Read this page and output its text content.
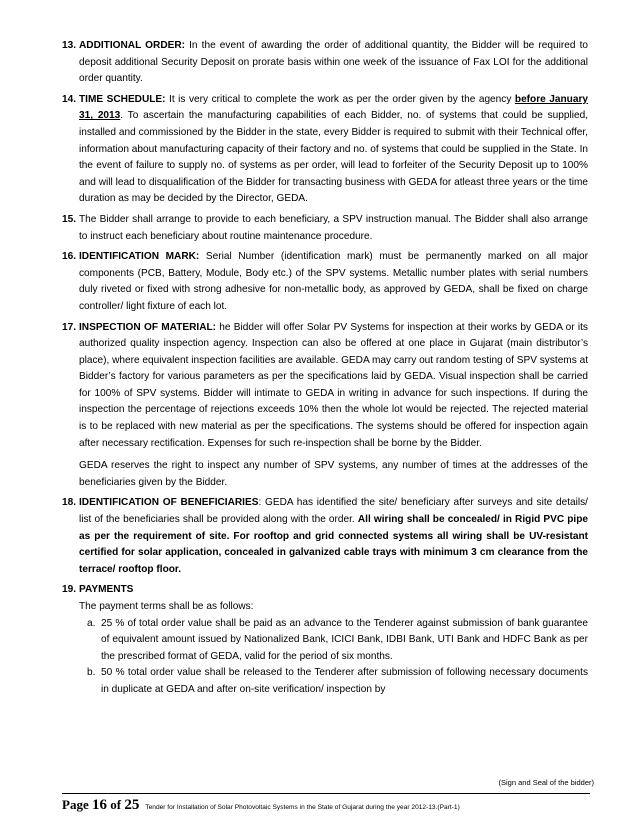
13. ADDITIONAL ORDER: In the event of awarding the order of additional quantity, the Bidder will be required to deposit additional Security Deposit on prorate basis within one week of the issuance of Fax LOI for the additional order quantity.

14. TIME SCHEDULE: It is very critical to complete the work as per the order given by the agency before January 31, 2013. To ascertain the manufacturing capabilities of each Bidder, no. of systems that could be supplied, installed and commissioned by the Bidder in the state, every Bidder is required to submit with their Technical offer, information about manufacturing capacity of their factory and no. of systems that could be supplied in the State. In the event of failure to supply no. of systems as per order, will lead to forfeiter of the Security Deposit up to 100% and will lead to disqualification of the Bidder for transacting business with GEDA for atleast three years or the time duration as may be decided by the Director, GEDA.

15. The Bidder shall arrange to provide to each beneficiary, a SPV instruction manual. The Bidder shall also arrange to instruct each beneficiary about routine maintenance procedure.

16. IDENTIFICATION MARK: Serial Number (identification mark) must be permanently marked on all major components (PCB, Battery, Module, Body etc.) of the SPV systems. Metallic number plates with serial numbers duly riveted or fixed with strong adhesive for non-metallic body, as approved by GEDA, shall be fixed on charge controller/ light fixture of each lot.

17. INSPECTION OF MATERIAL: he Bidder will offer Solar PV Systems for inspection at their works by GEDA or its authorized quality inspection agency. Inspection can also be offered at one place in Gujarat (main distributor’s place), where equivalent inspection facilities are available. GEDA may carry out random testing of SPV systems at Bidder’s factory for various parameters as per the specifications laid by GEDA. Visual inspection shall be carried for 100% of SPV systems. Bidder will intimate to GEDA in writing in advance for such inspections. If during the inspection the percentage of rejections exceeds 10% then the whole lot would be rejected. The rejected material is to be replaced with new material as per the specifications. The systems should be offered for inspection again after necessary rectification. Expenses for such re-inspection shall be borne by the Bidder.

GEDA reserves the right to inspect any number of SPV systems, any number of times at the addresses of the beneficiaries given by the Bidder.

18. IDENTIFICATION OF BENEFICIARIES: GEDA has identified the site/ beneficiary after surveys and site details/ list of the beneficiaries shall be provided along with the order. All wiring shall be concealed/ in Rigid PVC pipe as per the requirement of site. For rooftop and grid connected systems all wiring shall be UV-resistant certified for solar application, concealed in galvanized cable trays with minimum 3 cm clearance from the terrace/ rooftop floor.

19. PAYMENTS

The payment terms shall be as follows:

a. 25 % of total order value shall be paid as an advance to the Tenderer against submission of bank guarantee of equivalent amount issued by Nationalized Bank, ICICI Bank, IDBI Bank, UTI Bank and HDFC Bank as per the prescribed format of GEDA, valid for the period of six months.
b. 50 % total order value shall be released to the Tenderer after submission of following necessary documents in duplicate at GEDA and after on-site verification/ inspection by
(Sign and Seal of the bidder)
Page 16 of 25 Tender for Installation of Solar Photovoltaic Systems in the State of Gujarat during the year 2012-13.(Part-1)
